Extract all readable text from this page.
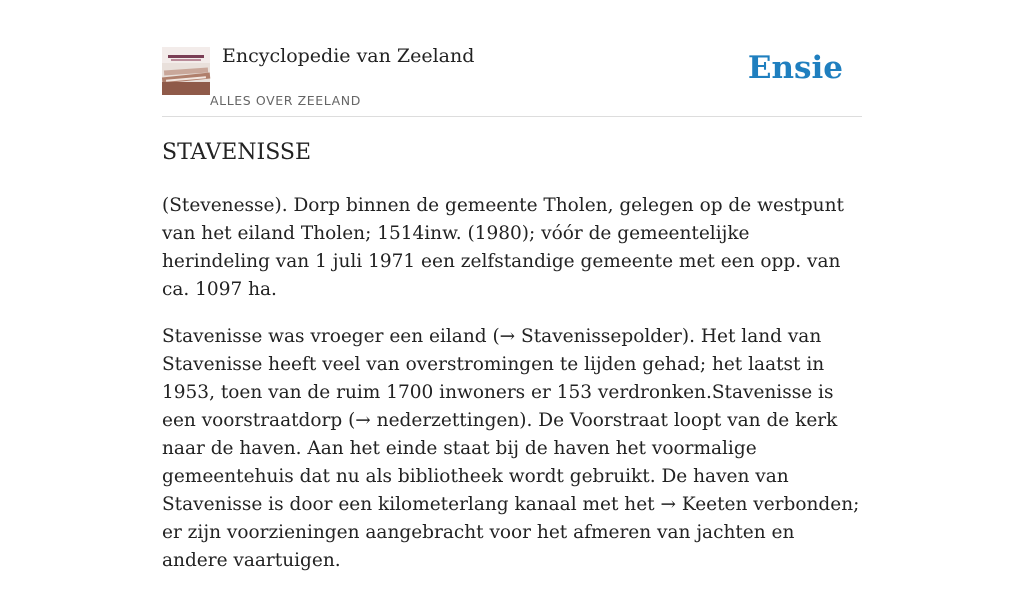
Encyclopedie van Zeeland
ALLES OVER ZEELAND
Ensie
STAVENISSE

(Stevenesse). Dorp binnen de gemeente Tholen, gelegen op de westpunt van het eiland Tholen; 1514inw. (1980); vóór de gemeentelijke herindeling van 1 juli 1971 een zelfstandige gemeente met een opp. van ca. 1097 ha.

Stavenisse was vroeger een eiland (→ Stavenissepolder). Het land van Stavenisse heeft veel van overstromingen te lijden gehad; het laatst in 1953, toen van de ruim 1700 inwoners er 153 verdronken.Stavenisse is een voorstraatdorp (→ nederzettingen). De Voorstraat loopt van de kerk naar de haven. Aan het einde staat bij de haven het voormalige gemeentehuis dat nu als bibliotheek wordt gebruikt. De haven van Stavenisse is door een kilometerlang kanaal met het → Keeten verbonden; er zijn voorzieningen aangebracht voor het afmeren van jachten en andere vaartuigen.
